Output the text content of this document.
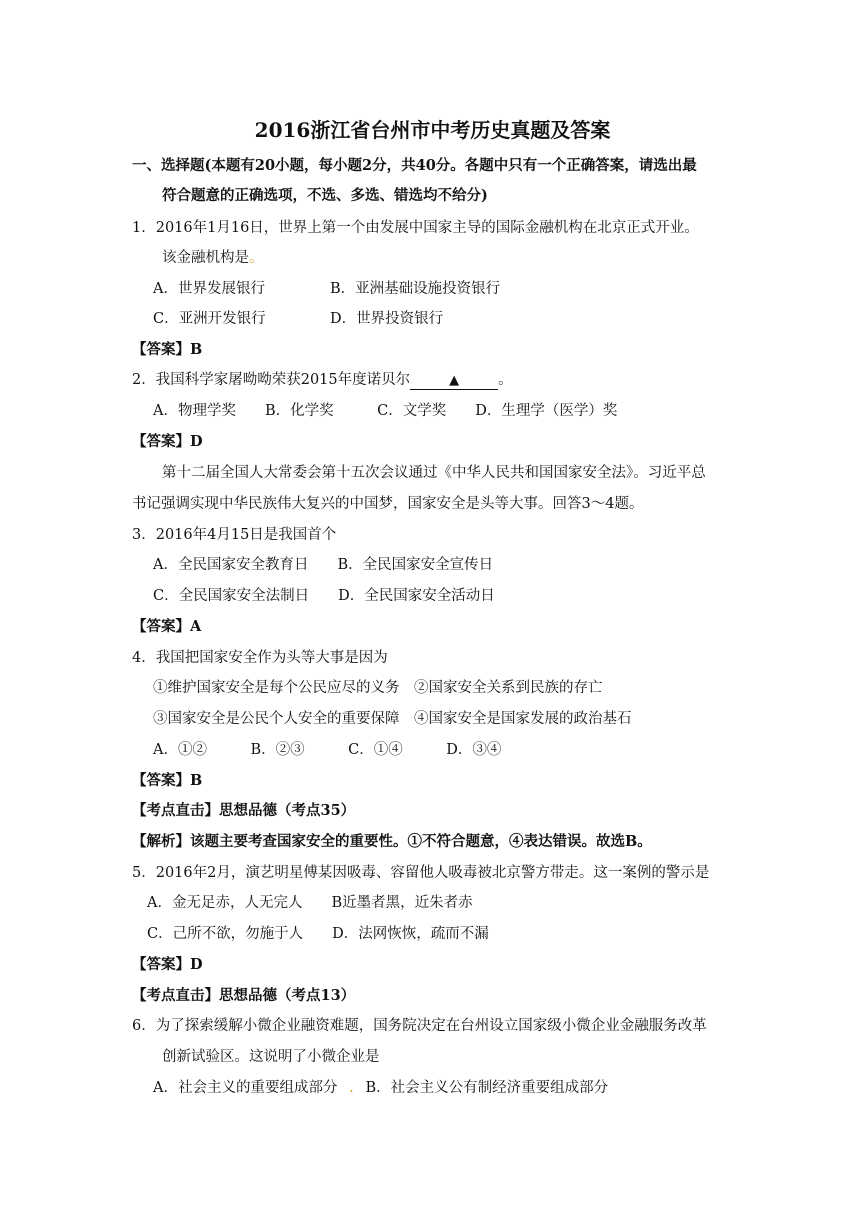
2016浙江省台州市中考历史真题及答案
一、选择题(本题有20小题，每小题2分，共40分。各题中只有一个正确答案，请选出最
符合题意的正确选项，不选、多选、错选均不给分)
1．2016年1月16日，世界上第一个由发展中国家主导的国际金融机构在北京正式开业。
该金融机构是。
A．世界发展银行	B．亚洲基础设施投资银行
C．亚洲开发银行	D．世界投资银行
【答案】B
2．我国科学家屠呦呦荣获2015年度诺贝尔	▲	。
A．物理学奖　　B．化学奖　　　C．文学奖　　D．生理学（医学）奖
【答案】D
第十二届全国人大常委会第十五次会议通过《中华人民共和国国家安全法》。习近平总
书记强调实现中华民族伟大复兴的中国梦，国家安全是头等大事。回答3～4题。
3．2016年4月15日是我国首个
A．全民国家安全教育日　　B．全民国家安全宣传日
C．全民国家安全法制日　　D．全民国家安全活动日
【答案】A
4．我国把国家安全作为头等大事是因为
①维护国家安全是每个公民应尽的义务　②国家安全关系到民族的存亡
③国家安全是公民个人安全的重要保障　④国家安全是国家发展的政治基石
A．①②　　　B．②③　　　C．①④　　　D．③④
【答案】B
【考点直击】思想品德（考点35）
【解析】该题主要考查国家安全的重要性。①不符合题意，④表达错误。故选B。
5．2016年2月，演艺明星傅某因吸毒、容留他人吸毒被北京警方带走。这一案例的警示是
A．金无足赤，人无完人　　B近墨者黑，近朱者赤
C．己所不欲，勿施于人　　D．法网恢恢，疏而不漏
【答案】D
【考点直击】思想品德（考点13）
6．为了探索缓解小微企业融资难题，国务院决定在台州设立国家级小微企业金融服务改革
创新试验区。这说明了小微企业是
A．社会主义的重要组成部分 . B．社会主义公有制经济重要组成部分
